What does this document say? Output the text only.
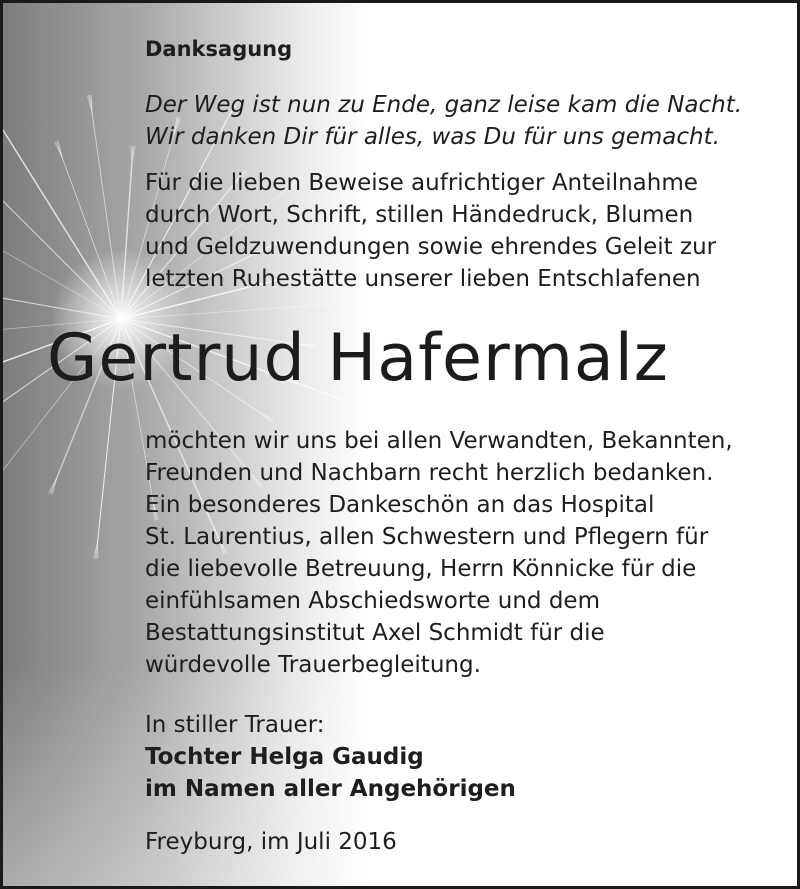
Danksagung
Der Weg ist nun zu Ende, ganz leise kam die Nacht.
Wir danken Dir für alles, was Du für uns gemacht.
Für die lieben Beweise aufrichtiger Anteilnahme
durch Wort, Schrift, stillen Händedruck, Blumen
und Geldzuwendungen sowie ehrendes Geleit zur
letzten Ruhestätte unserer lieben Entschlafenen
Gertrud Hafermalz
möchten wir uns bei allen Verwandten, Bekannten,
Freunden und Nachbarn recht herzlich bedanken.
Ein besonderes Dankeschön an das Hospital
St. Laurentius, allen Schwestern und Pflegern für
die liebevolle Betreuung, Herrn Könnicke für die
einfühlsamen Abschiedsworte und dem
Bestattungsinstitut Axel Schmidt für die
würdevolle Trauerbegleitung.
In stiller Trauer:
Tochter Helga Gaudig
im Namen aller Angehörigen
Freyburg, im Juli 2016
